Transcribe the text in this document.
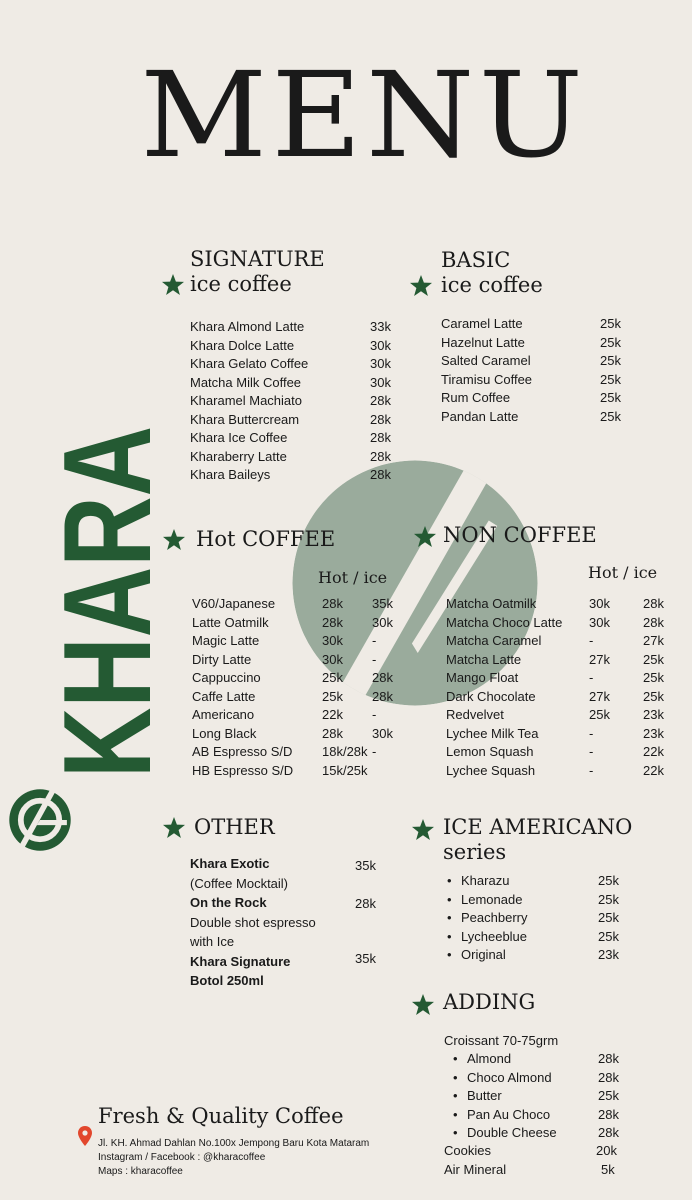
MENU
KHARA
SIGNATURE
ice coffee
Khara Almond Latte	33k
Khara Dolce Latte	30k
Khara Gelato Coffee	30k
Matcha Milk Coffee	30k
Kharamel Machiato	28k
Khara Buttercream	28k
Khara Ice Coffee	28k
Kharaberry Latte	28k
Khara Baileys	28k
BASIC
ice coffee
Caramel Latte	25k
Hazelnut Latte	25k
Salted Caramel	25k
Tiramisu Coffee	25k
Rum Coffee	25k
Pandan Latte	25k
Hot COFFEE
Hot / ice
V60/Japanese	28k 35k
Latte Oatmilk	28k 30k
Magic Latte	30k -
Dirty Latte	30k -
Cappuccino	25k 28k
Caffe Latte	25k 28k
Americano	22k -
Long Black	28k 30k
AB Espresso S/D 18k/28k -
HB Espresso S/D 15k/25k
NON COFFEE
Hot / ice
Matcha Oatmilk	30k	28k
Matcha Choco Latte 30k	28k
Matcha Caramel	-	27k
Matcha Latte	27k	25k
Mango Float	-	25k
Dark Chocolate	27k	25k
Redvelvet	25k	23k
Lychee Milk Tea	-	23k
Lemon Squash	-	22k
Lychee Squash	-	22k
OTHER
Khara Exotic	35k
(Coffee Mocktail)
On the Rock	28k
Double shot espresso
with Ice
Khara Signature	35k
Botol 250ml
ICE AMERICANO
series
• Kharazu	25k
• Lemonade	25k
• Peachberry	25k
• Lycheeblue	25k
• Original	23k
ADDING
Croissant 70-75grm
• Almond	28k
• Choco Almond	28k
• Butter	25k
• Pan Au Choco	28k
• Double Cheese	28k
Cookies	20k
Air Mineral	5k
Fresh & Quality Coffee
Jl. KH. Ahmad Dahlan No.100x Jempong Baru Kota Mataram
Instagram / Facebook : @kharacoffee
Maps : kharacoffee
